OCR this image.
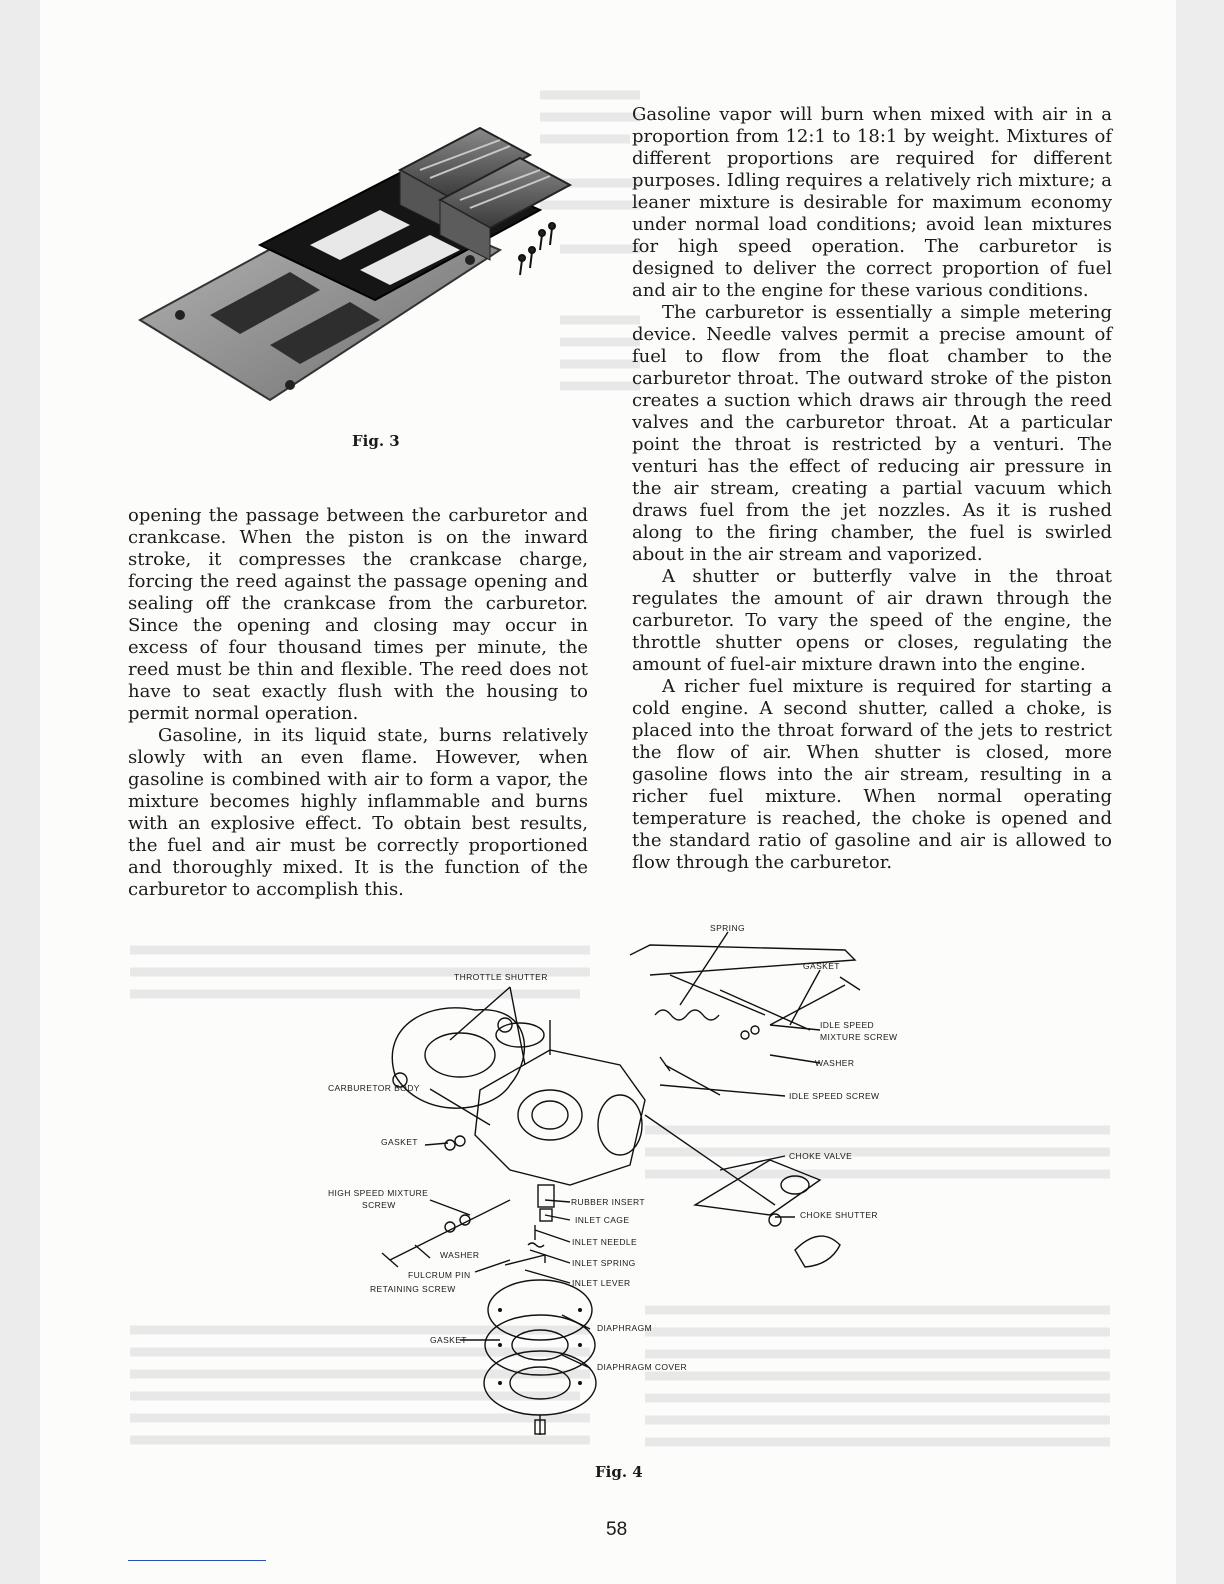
Fig. 3

opening the passage between the carburetor and crankcase. When the piston is on the inward stroke, it compresses the crankcase charge, forcing the reed against the passage opening and sealing off the crankcase from the carburetor. Since the opening and closing may occur in excess of four thousand times per minute, the reed must be thin and flexible. The reed does not have to seat exactly flush with the housing to permit normal operation.

Gasoline, in its liquid state, burns relatively slowly with an even flame. However, when gasoline is combined with air to form a vapor, the mixture becomes highly inflammable and burns with an explosive effect. To obtain best results, the fuel and air must be correctly proportioned and thoroughly mixed. It is the function of the carburetor to accomplish this.

Gasoline vapor will burn when mixed with air in a proportion from 12:1 to 18:1 by weight. Mixtures of different proportions are required for different purposes. Idling requires a relatively rich mixture; a leaner mixture is desirable for maximum economy under normal load conditions; avoid lean mixtures for high speed operation. The carburetor is designed to deliver the correct proportion of fuel and air to the engine for these various conditions.

The carburetor is essentially a simple metering device. Needle valves permit a precise amount of fuel to flow from the float chamber to the carburetor throat. The outward stroke of the piston creates a suction which draws air through the reed valves and the carburetor throat. At a particular point the throat is restricted by a venturi. The venturi has the effect of reducing air pressure in the air stream, creating a partial vacuum which draws fuel from the jet nozzles. As it is rushed along to the firing chamber, the fuel is swirled about in the air stream and vaporized.

A shutter or butterfly valve in the throat regulates the amount of air drawn through the carburetor. To vary the speed of the engine, the throttle shutter opens or closes, regulating the amount of fuel-air mixture drawn into the engine.

A richer fuel mixture is required for starting a cold engine. A second shutter, called a choke, is placed into the throat forward of the jets to restrict the flow of air. When shutter is closed, more gasoline flows into the air stream, resulting in a richer fuel mixture. When normal operating temperature is reached, the choke is opened and the standard ratio of gasoline and air is allowed to flow through the carburetor.

SPRING
GASKET
THROTTLE SHUTTER
IDLE SPEED
MIXTURE SCREW
WASHER
CARBURETOR BODY
IDLE SPEED SCREW
GASKET
CHOKE VALVE
HIGH SPEED MIXTURE
SCREW	RUBBER INSERT
INLET CAGE	CHOKE SHUTTER
INLET NEEDLE
WASHER
INLET SPRING
FULCRUM PIN
INLET LEVER
RETAINING SCREW
DIAPHRAGM
GASKET
DIAPHRAGM COVER
Fig. 4
58
